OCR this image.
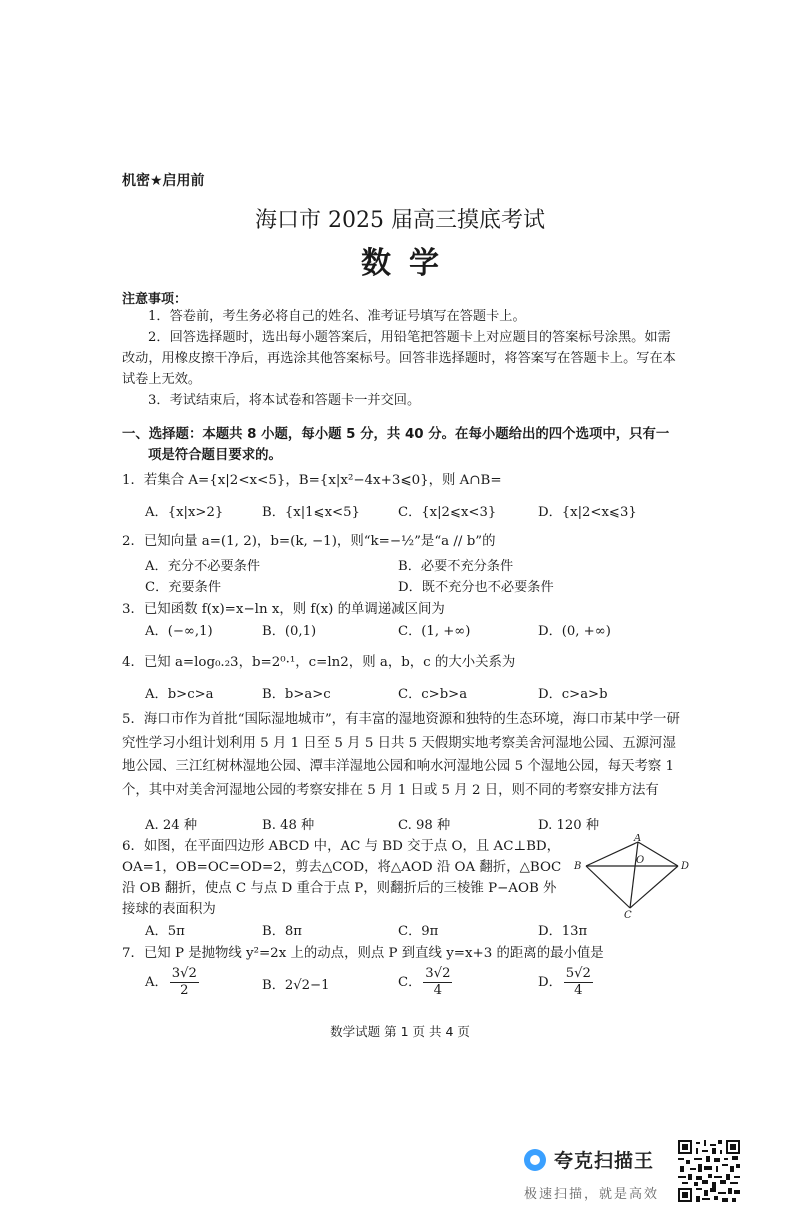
机密★启用前
海口市 2025 届高三摸底考试
数学
注意事项：
1．答卷前，考生务必将自己的姓名、准考证号填写在答题卡上。
2．回答选择题时，选出每小题答案后，用铅笔把答题卡上对应题目的答案标号涂黑。如需改动，用橡皮擦干净后，再选涂其他答案标号。回答非选择题时，将答案写在答题卡上。写在本试卷上无效。
3．考试结束后，将本试卷和答题卡一并交回。
一、选择题：本题共 8 小题，每小题 5 分，共 40 分。在每小题给出的四个选项中，只有一
项是符合题目要求的。
1．若集合 A={x|2<x<5}，B={x|x²−4x+3⩽0}，则 A∩B=
A．{x|x>2}	B．{x|1⩽x<5}	C．{x|2⩽x<3}	D．{x|2<x⩽3}
2．已知向量 a=(1, 2)，b=(k, −1)，则“k=−½”是“a // b”的
A．充分不必要条件	B．必要不充分条件
C．充要条件	D．既不充分也不必要条件
3．已知函数 f(x)=x−ln x，则 f(x) 的单调递减区间为
A．(−∞,1)	B．(0,1)	C．(1, +∞)	D．(0, +∞)
4．已知 a=log₀.₂3，b=2⁰·¹，c=ln2，则 a，b，c 的大小关系为
A．b>c>a	B．b>a>c	C．c>b>a	D．c>a>b
5．海口市作为首批“国际湿地城市”，有丰富的湿地资源和独特的生态环境，海口市某中学一研究性学习小组计划利用 5 月 1 日至 5 月 5 日共 5 天假期实地考察美舍河湿地公园、五源河湿地公园、三江红树林湿地公园、潭丰洋湿地公园和响水河湿地公园 5 个湿地公园，每天考察 1 个，其中对美舍河湿地公园的考察安排在 5 月 1 日或 5 月 2 日，则不同的考察安排方法有
A. 24 种	B. 48 种	C. 98 种	D. 120 种
6．如图，在平面四边形 ABCD 中，AC 与 BD 交于点 O，且 AC⊥BD，OA=1，OB=OC=OD=2，剪去△COD，将△AOD 沿 OA 翻折，△BOC 沿 OB 翻折，使点 C 与点 D 重合于点 P，则翻折后的三棱锥 P−AOB 外接球的表面积为
A
B
O
D
C
A．5π	B．8π	C．9π	D．13π
7．已知 P 是抛物线 y²=2x 上的动点，则点 P 到直线 y=x+3 的距离的最小值是
A． $\frac{3√2}{2}$	B．2√2−1	C． $\frac{3√2}{4}$	D． $\frac{5√2}{4}$
数学试题 第 1 页 共 4 页
夸克扫描王
极速扫描，就是高效
